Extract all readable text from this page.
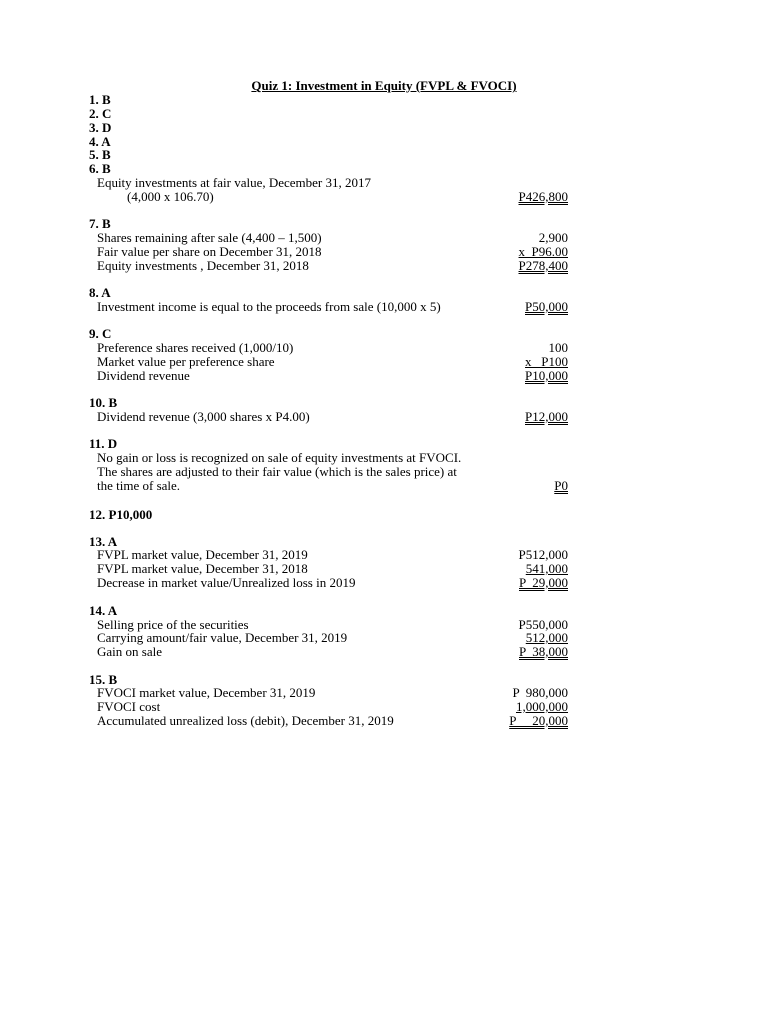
Quiz 1: Investment in Equity (FVPL & FVOCI)
1. B
2. C
3. D
4. A
5. B
6. B
Equity investments at fair value, December 31, 2017
(4,000 x 106.70)	P426,800
7. B
Shares remaining after sale (4,400 – 1,500)	2,900
Fair value per share on December 31, 2018	x  P96.00
Equity investments , December 31, 2018	P278,400
8. A
Investment income is equal to the proceeds from sale (10,000 x 5)	P50,000
9. C
Preference shares received (1,000/10)	100
Market value per preference share	x   P100
Dividend revenue	P10,000
10. B
Dividend revenue (3,000 shares x P4.00)	P12,000
11. D
No gain or loss is recognized on sale of equity investments at FVOCI.
The shares are adjusted to their fair value (which is the sales price) at
the time of sale.	P0
12. P10,000
13. A
FVPL market value, December 31, 2019	P512,000
FVPL market value, December 31, 2018	541,000
Decrease in market value/Unrealized loss in 2019	P  29,000
14. A
Selling price of the securities	P550,000
Carrying amount/fair value, December 31, 2019	512,000
Gain on sale	P  38,000
15. B
FVOCI market value, December 31, 2019	P  980,000
FVOCI cost	1,000,000
Accumulated unrealized loss (debit), December 31, 2019	P     20,000
